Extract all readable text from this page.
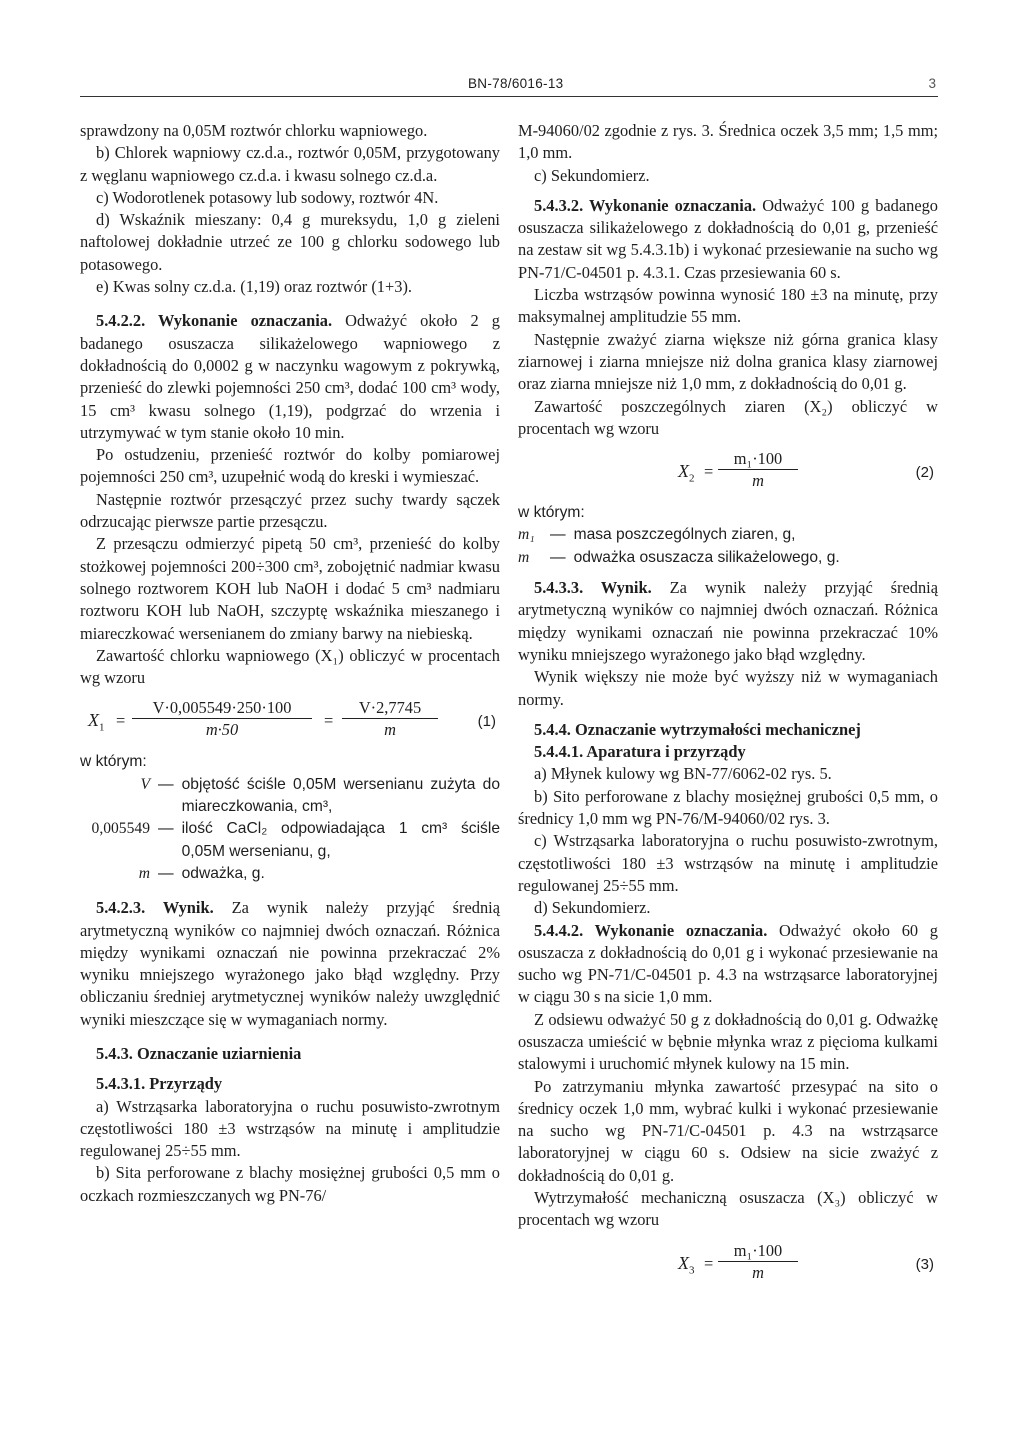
BN-78/6016-13	3

sprawdzony na 0,05M roztwór chlorku wapniowego.

b) Chlorek wapniowy cz.d.a., roztwór 0,05M, przygotowany z węglanu wapniowego cz.d.a. i kwasu solnego cz.d.a.

c) Wodorotlenek potasowy lub sodowy, roztwór 4N.

d) Wskaźnik mieszany: 0,4 g mureksydu, 1,0 g zieleni naftolowej dokładnie utrzeć ze 100 g chlorku sodowego lub potasowego.

e) Kwas solny cz.d.a. (1,19) oraz roztwór (1+3).

5.4.2.2. Wykonanie oznaczania. Odważyć około 2 g badanego osuszacza silikażelowego wapniowego z dokładnością do 0,0002 g w naczynku wagowym z pokrywką, przenieść do zlewki pojemności 250 cm³, dodać 100 cm³ wody, 15 cm³ kwasu solnego (1,19), podgrzać do wrzenia i utrzymywać w tym stanie około 10 min.

Po ostudzeniu, przenieść roztwór do kolby pomiarowej pojemności 250 cm³, uzupełnić wodą do kreski i wymieszać.

Następnie roztwór przesączyć przez suchy twardy sączek odrzucając pierwsze partie przesączu.

Z przesączu odmierzyć pipetą 50 cm³, przenieść do kolby stożkowej pojemności 200÷300 cm³, zobojętnić nadmiar kwasu solnego roztworem KOH lub NaOH i dodać 5 cm³ nadmiaru roztworu KOH lub NaOH, szczyptę wskaźnika mieszanego i miareczkować wersenianem do zmiany barwy na niebieską.

Zawartość chlorku wapniowego (X₁) obliczyć w procentach wg wzoru

$X_1 = \frac{V\cdot 0,005549\cdot 250\cdot 100}{m\cdot 50} = \frac{V\cdot 2,7745}{m}$	(1)
w którym:
V — objętość ściśle 0,05M wersenianu zużyta do miareczkowania, cm³,
0,005549 — ilość CaCl₂ odpowiadająca 1 cm³ ściśle 0,05M wersenianu, g,
m — odważka, g.

5.4.2.3. Wynik. Za wynik należy przyjąć średnią arytmetyczną wyników co najmniej dwóch oznaczań. Różnica między wynikami oznaczań nie powinna przekraczać 2% wyniku mniejszego wyrażonego jako błąd względny. Przy obliczaniu średniej arytmetycznej wyników należy uwzględnić wyniki mieszczące się w wymaganiach normy.

5.4.3. Oznaczanie uziarnienia

5.4.3.1. Przyrządy

a) Wstrząsarka laboratoryjna o ruchu posuwisto-zwrotnym częstotliwości 180 ±3 wstrząsów na minutę i amplitudzie regulowanej 25÷55 mm.

b) Sita perforowane z blachy mosiężnej grubości 0,5 mm o oczkach rozmieszczanych wg PN-76/

M-94060/02 zgodnie z rys. 3. Średnica oczek 3,5 mm; 1,5 mm; 1,0 mm.

c) Sekundomierz.

5.4.3.2. Wykonanie oznaczania. Odważyć 100 g badanego osuszacza silikażelowego z dokładnością do 0,01 g, przenieść na zestaw sit wg 5.4.3.1b) i wykonać przesiewanie na sucho wg PN-71/C-04501 p. 4.3.1. Czas przesiewania 60 s.

Liczba wstrząsów powinna wynosić 180 ±3 na minutę, przy maksymalnej amplitudzie 55 mm.

Następnie zważyć ziarna większe niż górna granica klasy ziarnowej i ziarna mniejsze niż dolna granica klasy ziarnowej oraz ziarna mniejsze niż 1,0 mm, z dokładnością do 0,01 g.

Zawartość poszczególnych ziaren (X₂) obliczyć w procentach wg wzoru

$X_2 = \frac{\text{m₁·100}}{m}$	(2)
w którym:
m₁ — masa poszczególnych ziaren, g,
m	— odważka osuszacza silikażelowego, g.

5.4.3.3. Wynik. Za wynik należy przyjąć średnią arytmetyczną wyników co najmniej dwóch oznaczań. Różnica między wynikami oznaczań nie powinna przekraczać 10% wyniku mniejszego wyrażonego jako błąd względny.

Wynik większy nie może być wyższy niż w wymaganiach normy.

5.4.4. Oznaczanie wytrzymałości mechanicznej

5.4.4.1. Aparatura i przyrządy

a) Młynek kulowy wg BN-77/6062-02 rys. 5.

b) Sito perforowane z blachy mosiężnej grubości 0,5 mm, o średnicy 1,0 mm wg PN-76/M-94060/02 rys. 3.

c) Wstrząsarka laboratoryjna o ruchu posuwisto-zwrotnym, częstotliwości 180 ±3 wstrząsów na minutę i amplitudzie regulowanej 25÷55 mm.

d) Sekundomierz.

5.4.4.2. Wykonanie oznaczania. Odważyć około 60 g osuszacza z dokładnością do 0,01 g i wykonać przesiewanie na sucho wg PN-71/C-04501 p. 4.3 na wstrząsarce laboratoryjnej w ciągu 30 s na sicie 1,0 mm.

Z odsiewu odważyć 50 g z dokładnością do 0,01 g. Odważkę osuszacza umieścić w bębnie młynka wraz z pięcioma kulkami stalowymi i uruchomić młynek kulowy na 15 min.

Po zatrzymaniu młynka zawartość przesypać na sito o średnicy oczek 1,0 mm, wybrać kulki i wykonać przesiewanie na sucho wg PN-71/C-04501 p. 4.3 na wstrząsarce laboratoryjnej w ciągu 60 s. Odsiew na sicie zważyć z dokładnością do 0,01 g.

Wytrzymałość mechaniczną osuszacza (X₃) obliczyć w procentach wg wzoru

$X_3 = \frac{\text{m₁·100}}{m}$	(3)
